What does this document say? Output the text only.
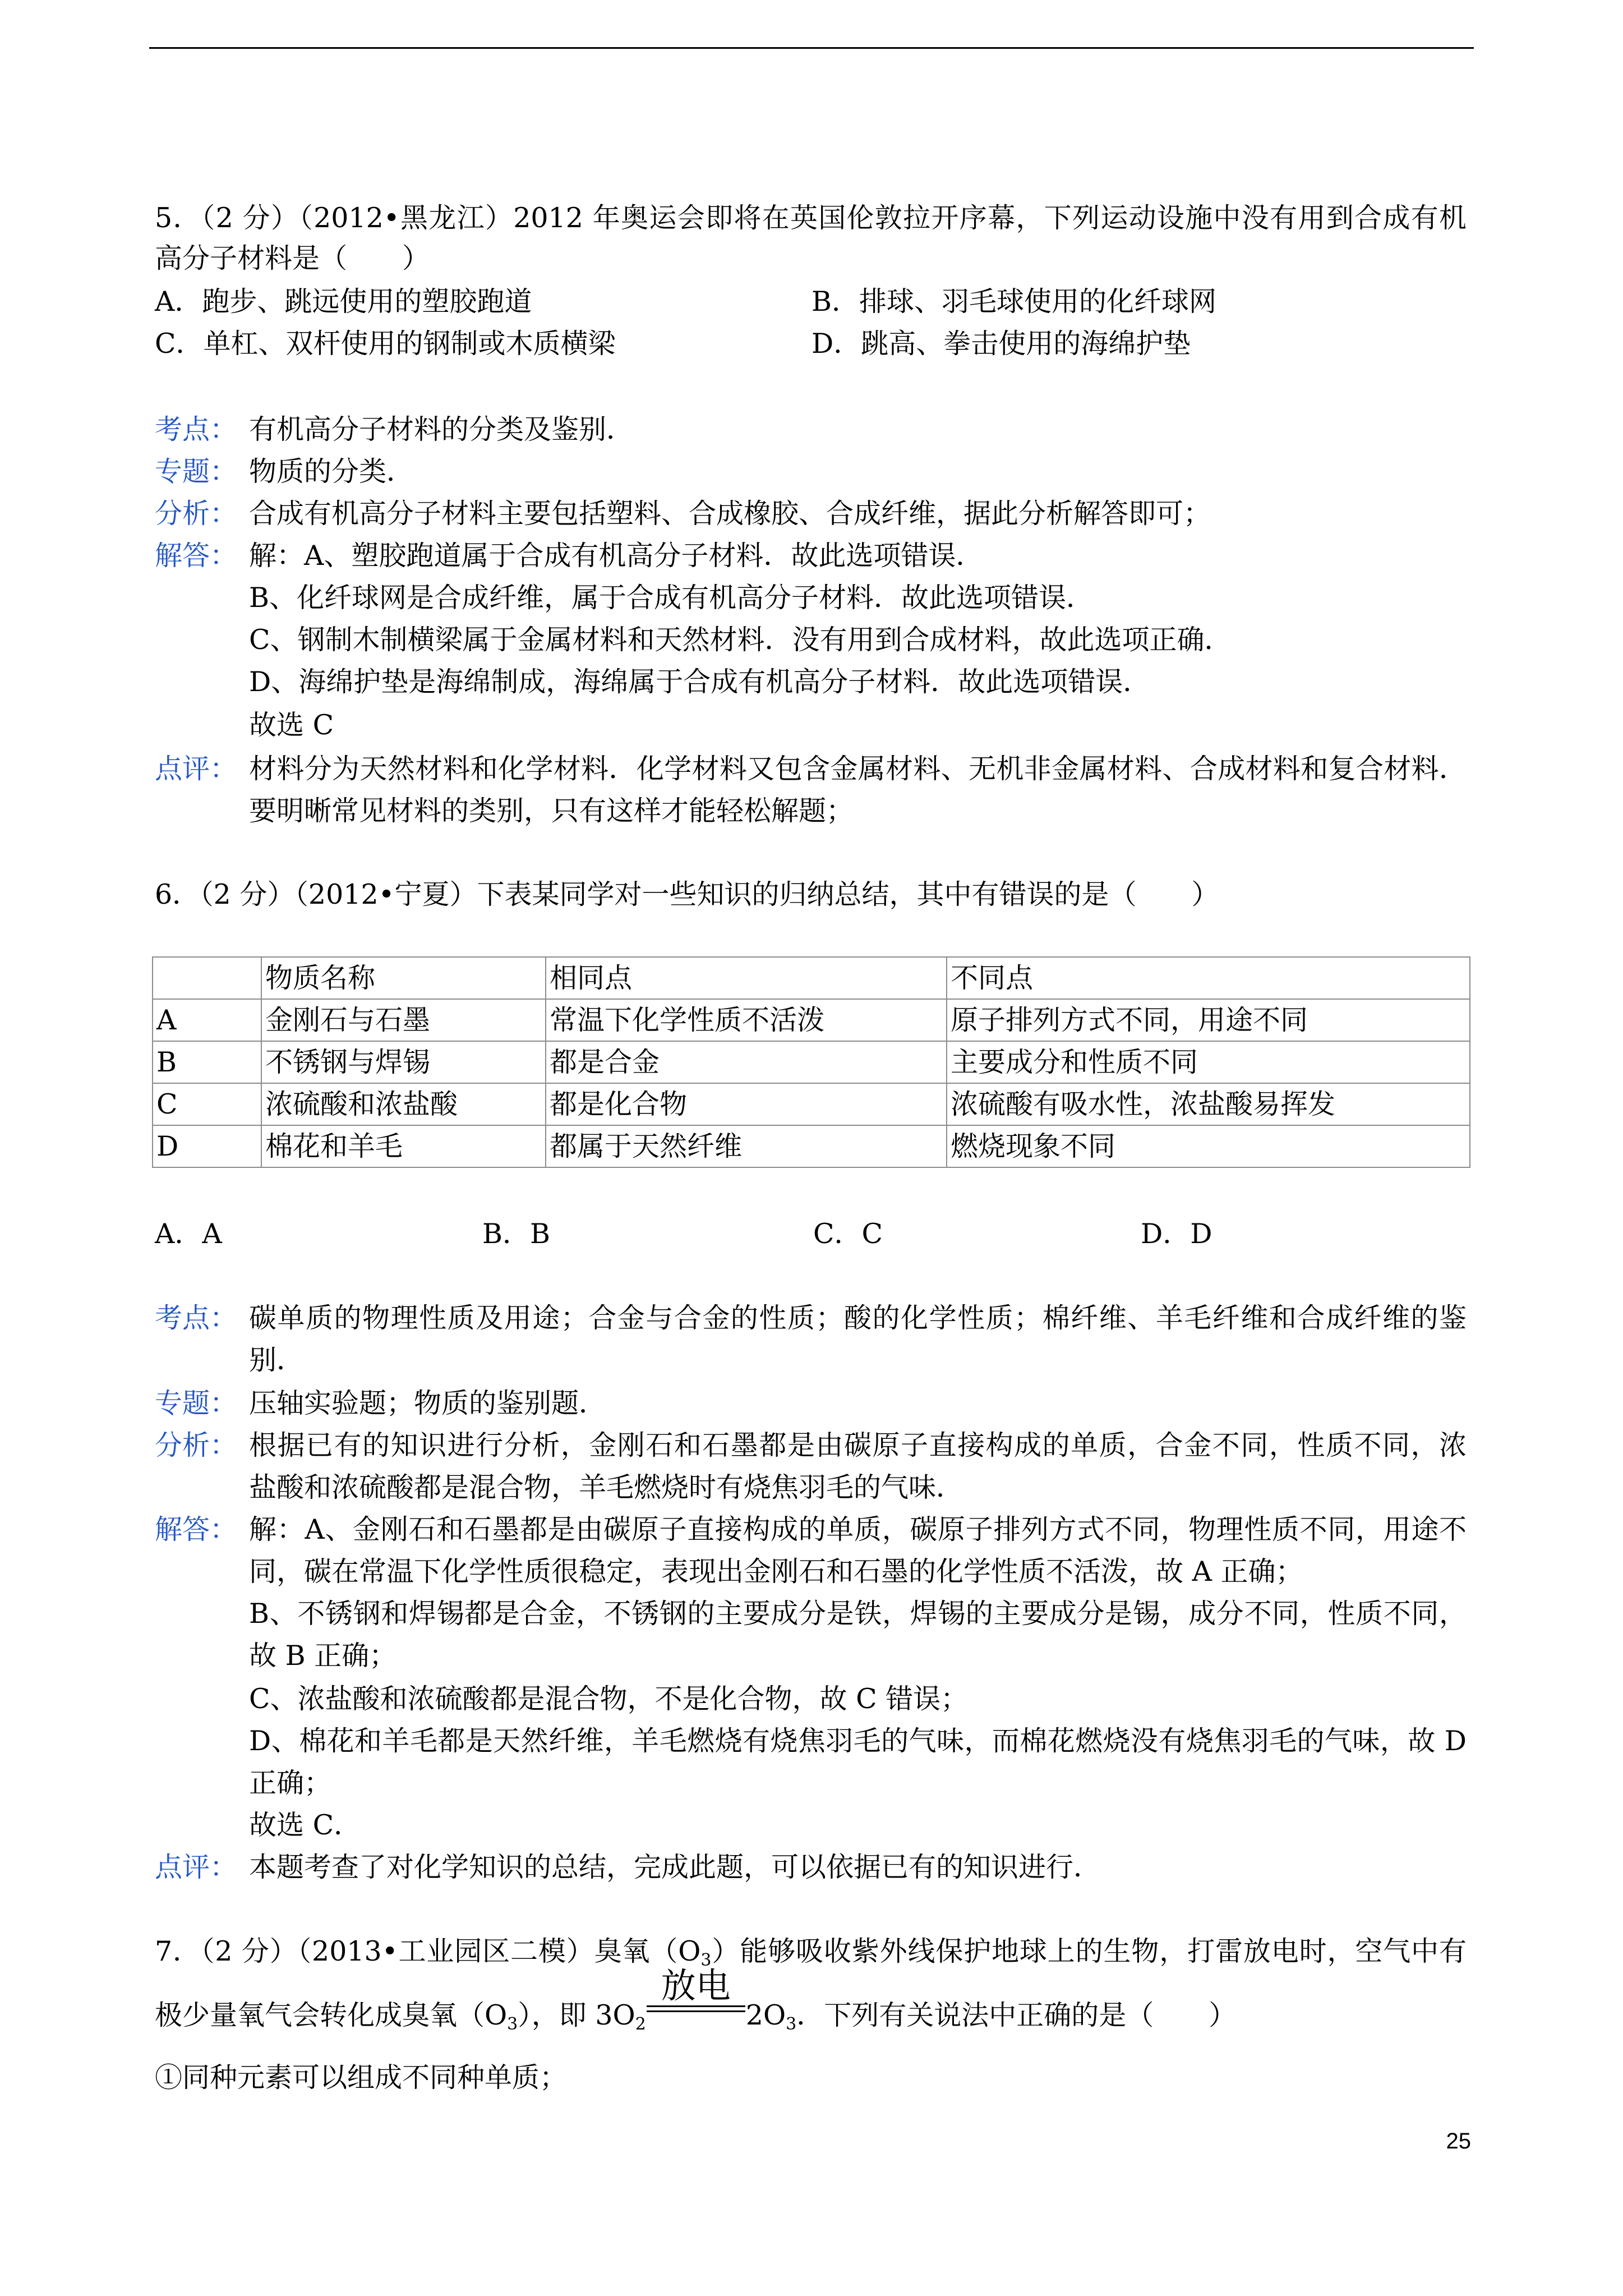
5．（2 分）（2012•黑龙江）2012 年奥运会即将在英国伦敦拉开序幕，下列运动设施中没有用到合成有机
高分子材料是（　　）
A．跑步、跳远使用的塑胶跑道	B．排球、羽毛球使用的化纤球网
C．单杠、双杆使用的钢制或木质横梁	D．跳高、拳击使用的海绵护垫
考点： 有机高分子材料的分类及鉴别．
专题： 物质的分类．
分析： 合成有机高分子材料主要包括塑料、合成橡胶、合成纤维，据此分析解答即可；
解答： 解：A、塑胶跑道属于合成有机高分子材料．故此选项错误．
B、化纤球网是合成纤维，属于合成有机高分子材料．故此选项错误．
C、钢制木制横梁属于金属材料和天然材料．没有用到合成材料，故此选项正确．
D、海绵护垫是海绵制成，海绵属于合成有机高分子材料．故此选项错误．
故选 C
点评： 材料分为天然材料和化学材料．化学材料又包含金属材料、无机非金属材料、合成材料和复合材料．
要明晰常见材料的类别，只有这样才能轻松解题；
6．（2 分）（2012•宁夏）下表某同学对一些知识的归纳总结，其中有错误的是（　　）
	物质名称	相同点	不同点
A	金刚石与石墨	常温下化学性质不活泼	原子排列方式不同，用途不同
B	不锈钢与焊锡	都是合金	主要成分和性质不同
C	浓硫酸和浓盐酸	都是化合物	浓硫酸有吸水性，浓盐酸易挥发
D	棉花和羊毛	都属于天然纤维	燃烧现象不同
A．A	B．B	C．C	D．D
考点： 碳单质的物理性质及用途；合金与合金的性质；酸的化学性质；棉纤维、羊毛纤维和合成纤维的鉴
别．
专题： 压轴实验题；物质的鉴别题．
分析： 根据已有的知识进行分析，金刚石和石墨都是由碳原子直接构成的单质，合金不同，性质不同，浓
盐酸和浓硫酸都是混合物，羊毛燃烧时有烧焦羽毛的气味．
解答： 解：A、金刚石和石墨都是由碳原子直接构成的单质，碳原子排列方式不同，物理性质不同，用途不
同，碳在常温下化学性质很稳定，表现出金刚石和石墨的化学性质不活泼，故 A 正确；
B、不锈钢和焊锡都是合金，不锈钢的主要成分是铁，焊锡的主要成分是锡，成分不同，性质不同，
故 B 正确；
C、浓盐酸和浓硫酸都是混合物，不是化合物，故 C 错误；
D、棉花和羊毛都是天然纤维，羊毛燃烧有烧焦羽毛的气味，而棉花燃烧没有烧焦羽毛的气味，故 D
正确；
故选 C．
点评： 本题考查了对化学知识的总结，完成此题，可以依据已有的知识进行．
7．（2 分）（2013•工业园区二模）臭氧$(O_3)$能够吸收紫外线保护地球上的生物，打雷放电时，空气中有
极少量氧气会转化成臭氧$(O_3)$，即 $3O_2$
放电
$2O_3$．下列有关说法中正确的是（　　）
①同种元素可以组成不同种单质；
25
